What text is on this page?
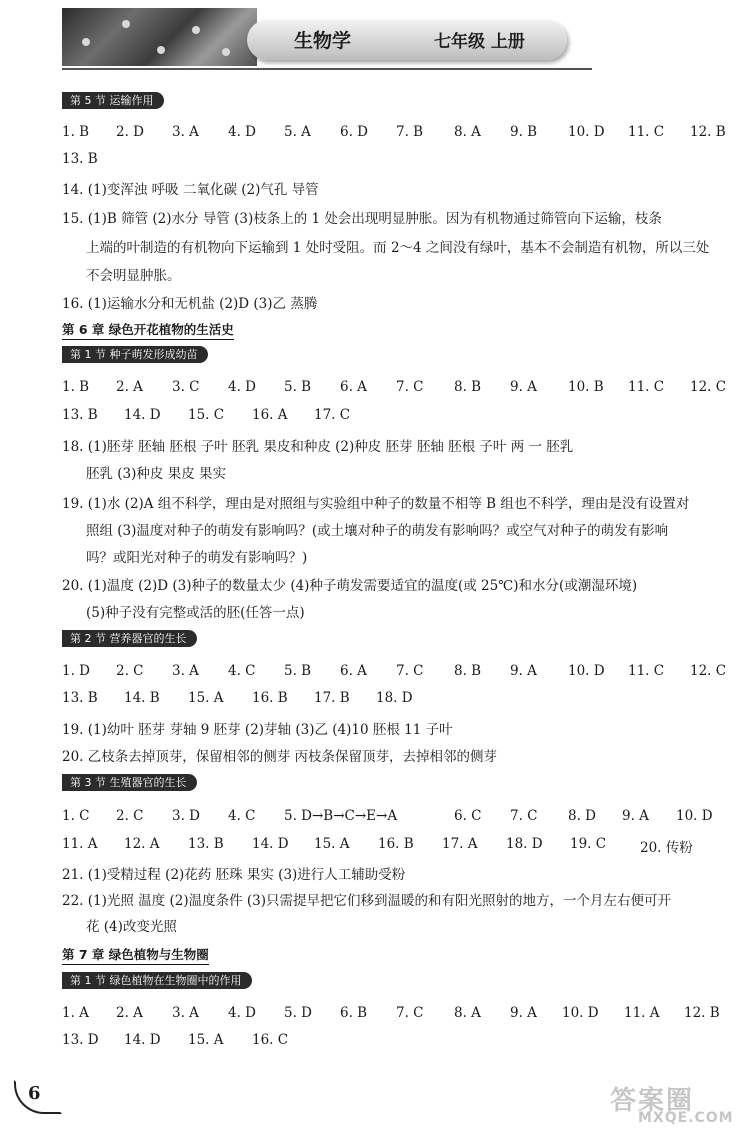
生物学	七年级 上册
第 5 节 运输作用
1. B 2. D 3. A 4. D 5. A 6. D 7. B 8. A 9. B 10. D 11. C 12. B
13. B
14. (1)变浑浊 呼吸 二氧化碳 (2)气孔 导管
15. (1)B 筛管 (2)水分 导管 (3)枝条上的 1 处会出现明显肿胀。因为有机物通过筛管向下运输，枝条
上端的叶制造的有机物向下运输到 1 处时受阻。而 2～4 之间没有绿叶，基本不会制造有机物，所以三处
不会明显肿胀。
16. (1)运输水分和无机盐 (2)D (3)乙 蒸腾
第 6 章 绿色开花植物的生活史
第 1 节 种子萌发形成幼苗
1. B 2. A 3. C 4. D 5. B 6. A 7. C 8. B 9. A 10. B 11. C 12. C
13. B 14. D 15. C 16. A 17. C
18. (1)胚芽 胚轴 胚根 子叶 胚乳 果皮和种皮 (2)种皮 胚芽 胚轴 胚根 子叶 两 一 胚乳
胚乳 (3)种皮 果皮 果实
19. (1)水 (2)A 组不科学，理由是对照组与实验组中种子的数量不相等 B 组也不科学，理由是没有设置对
照组 (3)温度对种子的萌发有影响吗？(或土壤对种子的萌发有影响吗？或空气对种子的萌发有影响
吗？或阳光对种子的萌发有影响吗？)
20. (1)温度 (2)D (3)种子的数量太少 (4)种子萌发需要适宜的温度(或 25℃)和水分(或潮湿环境)
(5)种子没有完整或活的胚(任答一点)
第 2 节 营养器官的生长
1. D 2. C 3. A 4. C 5. B 6. A 7. C 8. B 9. A 10. D 11. C 12. C
13. B 14. B 15. A 16. B 17. B 18. D
19. (1)幼叶 胚芽 芽轴 9 胚芽 (2)芽轴 (3)乙 (4)10 胚根 11 子叶
20. 乙枝条去掉顶芽，保留相邻的侧芽 丙枝条保留顶芽，去掉相邻的侧芽
第 3 节 生殖器官的生长
1. C 2. C 3. D 4. C 5. D→B→C→E→A	6. C 7. C 8. D 9. A 10. D
11. A 12. A 13. B 14. D 15. A 16. B 17. A 18. D 19. C	20. 传粉
21. (1)受精过程 (2)花药 胚珠 果实 (3)进行人工辅助受粉
22. (1)光照 温度 (2)温度条件 (3)只需提早把它们移到温暖的和有阳光照射的地方，一个月左右便可开
花 (4)改变光照
第 7 章 绿色植物与生物圈
第 1 节 绿色植物在生物圈中的作用
1. A 2. A 3. A 4. D 5. D 6. B 7. C 8. A 9. A 10. D 11. A 12. B
13. D 14. D 15. A 16. C
6	答案圈
MXQE.COM
